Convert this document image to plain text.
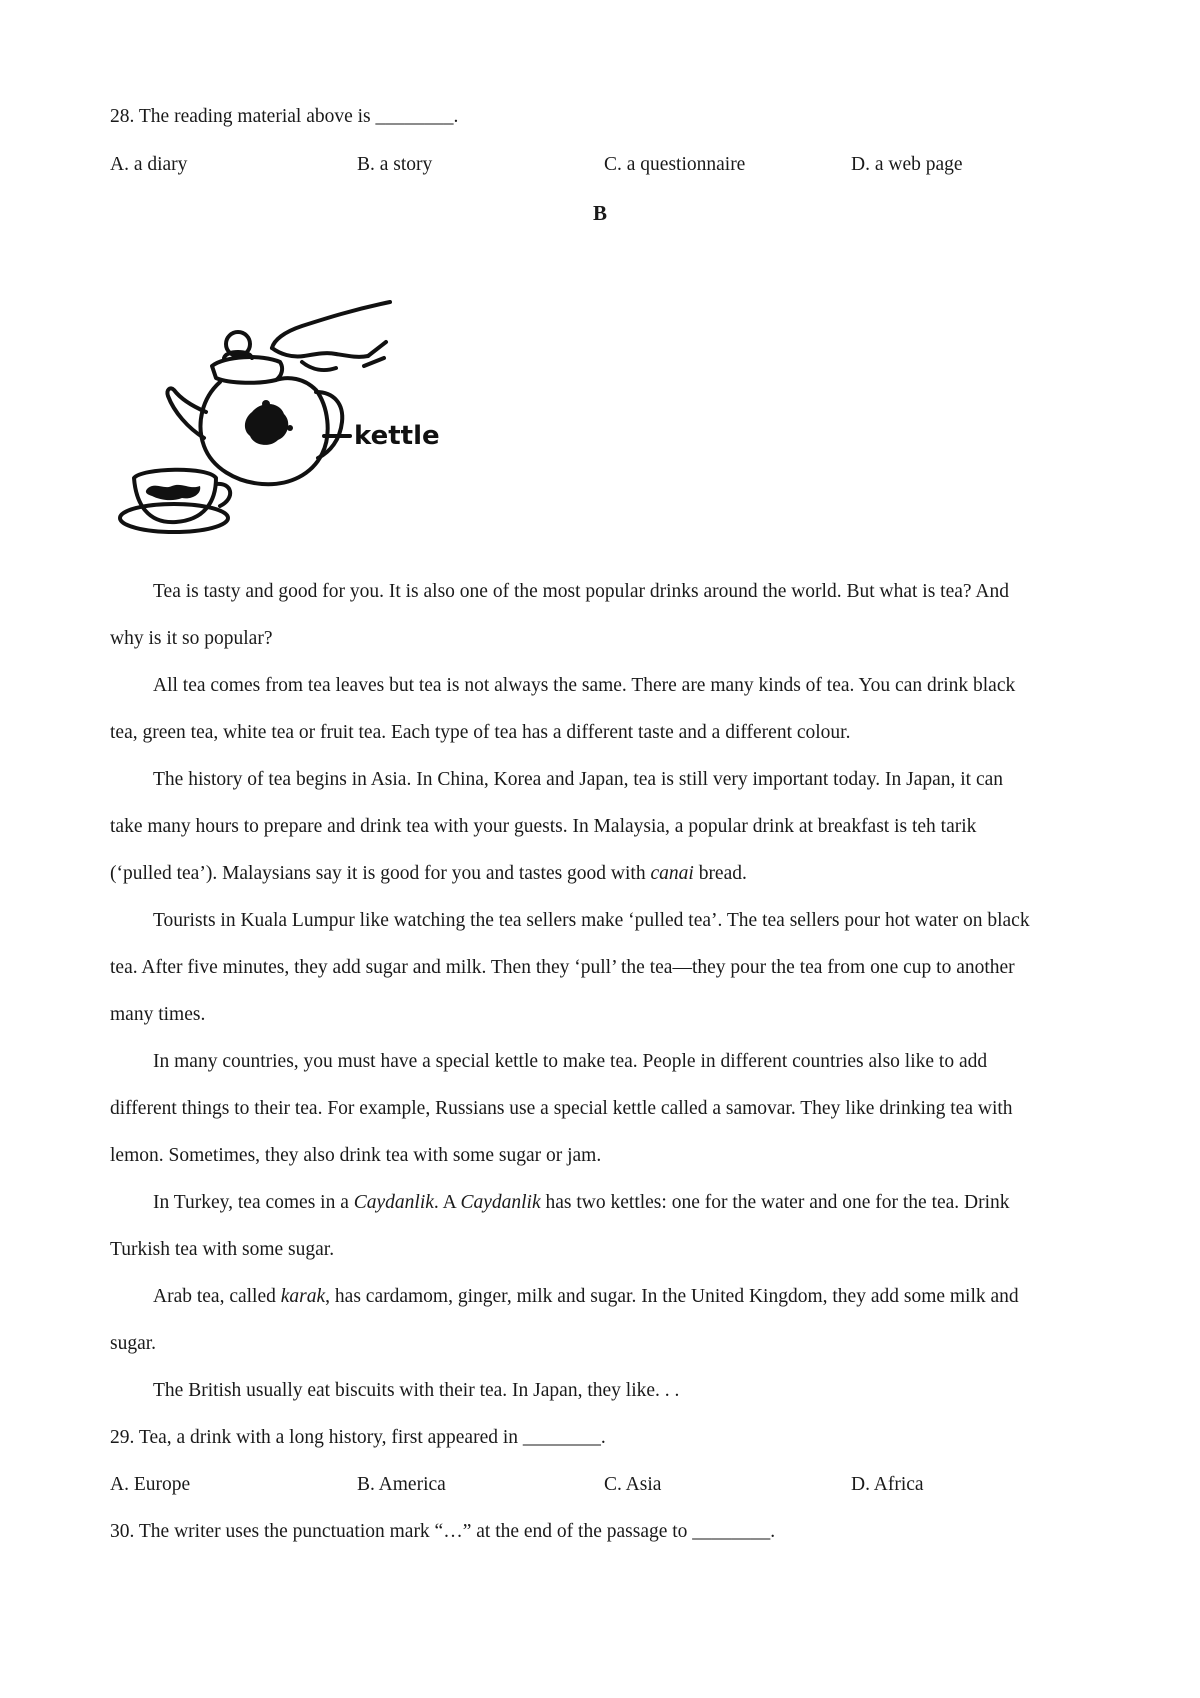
28. The reading material above is ________.
A. a diary	B. a story	C. a questionnaire	D. a web page
B
kettle
Tea is tasty and good for you. It is also one of the most popular drinks around the world. But what is tea? And
why is it so popular?
All tea comes from tea leaves but tea is not always the same. There are many kinds of tea. You can drink black
tea, green tea, white tea or fruit tea. Each type of tea has a different taste and a different colour.
The history of tea begins in Asia. In China, Korea and Japan, tea is still very important today. In Japan, it can
take many hours to prepare and drink tea with your guests. In Malaysia, a popular drink at breakfast is teh tarik
(‘pulled tea’). Malaysians say it is good for you and tastes good with canai bread.
Tourists in Kuala Lumpur like watching the tea sellers make ‘pulled tea’. The tea sellers pour hot water on black
tea. After five minutes, they add sugar and milk. Then they ‘pull’ the tea—they pour the tea from one cup to another
many times.
In many countries, you must have a special kettle to make tea. People in different countries also like to add
different things to their tea. For example, Russians use a special kettle called a samovar. They like drinking tea with
lemon. Sometimes, they also drink tea with some sugar or jam.
In Turkey, tea comes in a Caydanlik. A Caydanlik has two kettles: one for the water and one for the tea. Drink
Turkish tea with some sugar.
Arab tea, called karak, has cardamom, ginger, milk and sugar. In the United Kingdom, they add some milk and
sugar.
The British usually eat biscuits with their tea. In Japan, they like. . .
29. Tea, a drink with a long history, first appeared in ________.
A. Europe	B. America	C. Asia	D. Africa
30. The writer uses the punctuation mark “…” at the end of the passage to ________.
